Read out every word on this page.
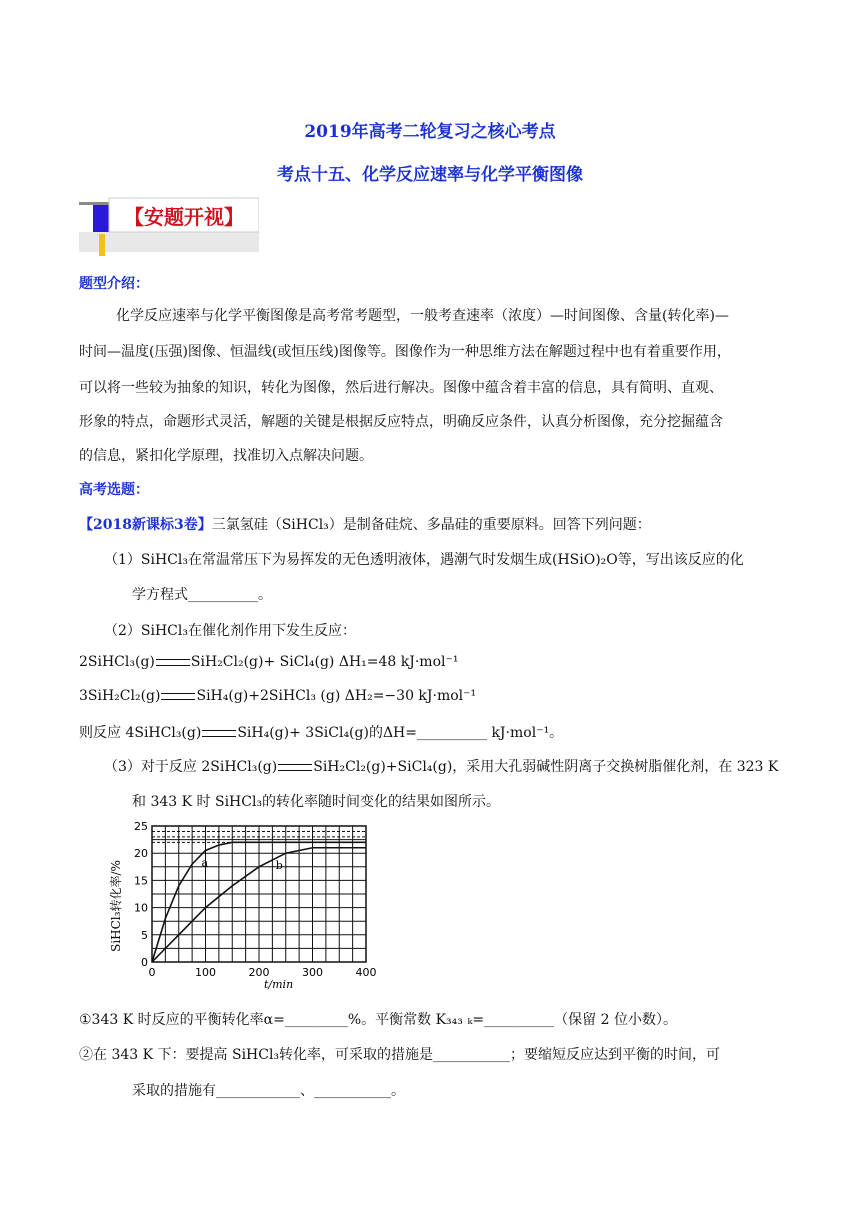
2019年高考二轮复习之核心考点
考点十五、化学反应速率与化学平衡图像
【安题开视】
题型介绍：
化学反应速率与化学平衡图像是高考常考题型，一般考查速率（浓度）—时间图像、含量(转化率)—
时间—温度(压强)图像、恒温线(或恒压线)图像等。图像作为一种思维方法在解题过程中也有着重要作用，
可以将一些较为抽象的知识，转化为图像，然后进行解决。图像中蕴含着丰富的信息，具有简明、直观、
形象的特点，命题形式灵活，解题的关键是根据反应特点，明确反应条件，认真分析图像，充分挖掘蕴含
的信息，紧扣化学原理，找准切入点解决问题。
高考选题：
【2018新课标3卷】三氯氢硅（SiHCl₃）是制备硅烷、多晶硅的重要原料。回答下列问题：
（1）SiHCl₃在常温常压下为易挥发的无色透明液体，遇潮气时发烟生成(HSiO)₂O等，写出该反应的化
学方程式__________。
（2）SiHCl₃在催化剂作用下发生反应：
2SiHCl₃(g)	SiH₂Cl₂(g)+ SiCl₄(g) ΔH₁=48 kJ·mol⁻¹
3SiH₂Cl₂(g)	SiH₄(g)+2SiHCl₃ (g) ΔH₂=−30 kJ·mol⁻¹
则反应 4SiHCl₃(g)	SiH₄(g)+ 3SiCl₄(g)的ΔH=__________ kJ·mol⁻¹。
（3）对于反应 2SiHCl₃(g)	SiH₂Cl₂(g)+SiCl₄(g)，采用大孔弱碱性阴离子交换树脂催化剂，在 323 K
和 343 K 时 SiHCl₃的转化率随时间变化的结果如图所示。
a	b
0	100	200	300	400
0
5
10
15
20
25
t/min
SiHCl₃转化率/%
①343 K 时反应的平衡转化率α=_________%。平衡常数 K₃₄₃ ₖ=__________（保留 2 位小数）。
②在 343 K 下：要提高 SiHCl₃转化率，可采取的措施是___________；要缩短反应达到平衡的时间，可
采取的措施有____________、___________。
